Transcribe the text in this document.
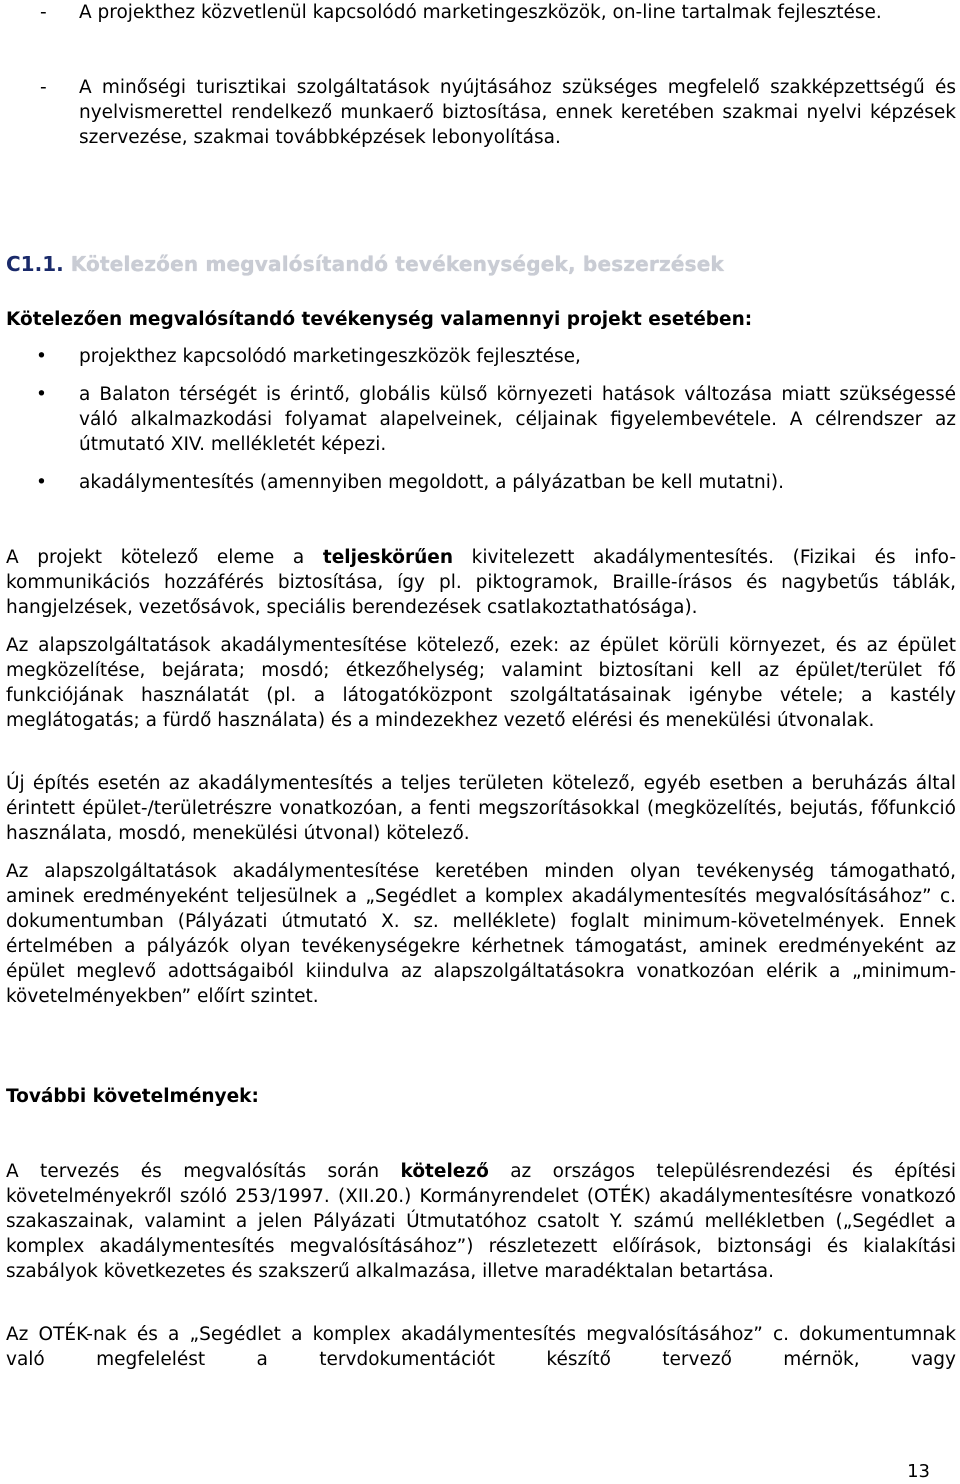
- A projekthez közvetlenül kapcsolódó marketingeszközök, on-line tartalmak fejlesztése.

- A minőségi turisztikai szolgáltatások nyújtásához szükséges megfelelő szakképzettségű és nyelvismerettel rendelkező munkaerő biztosítása, ennek keretében szakmai nyelvi képzések szervezése, szakmai továbbképzések lebonyolítása.

C1.1. Kötelezően megvalósítandó tevékenységek, beszerzések

Kötelezően megvalósítandó tevékenység valamennyi projekt esetében:

• projekthez kapcsolódó marketingeszközök fejlesztése,
• a Balaton térségét is érintő, globális külső környezeti hatások változása miatt szükségessé váló alkalmazkodási folyamat alapelveinek, céljainak figyelembevétele. A célrendszer az útmutató XIV. mellékletét képezi.
• akadálymentesítés (amennyiben megoldott, a pályázatban be kell mutatni).

A projekt kötelező eleme a teljeskörűen kivitelezett akadálymentesítés. (Fizikai és info-kommunikációs hozzáférés biztosítása, így pl. piktogramok, Braille-írásos és nagybetűs táblák, hangjelzések, vezetősávok, speciális berendezések csatlakoztathatósága).

Az alapszolgáltatások akadálymentesítése kötelező, ezek: az épület körüli környezet, és az épület megközelítése, bejárata; mosdó; étkezőhelység; valamint biztosítani kell az épület/terület fő funkciójának használatát (pl. a látogatóközpont szolgáltatásainak igénybe vétele; a kastély meglátogatás; a fürdő használata) és a mindezekhez vezető elérési és menekülési útvonalak.

Új építés esetén az akadálymentesítés a teljes területen kötelező, egyéb esetben a beruházás által érintett épület-/területrészre vonatkozóan, a fenti megszorításokkal (megközelítés, bejutás, főfunkció használata, mosdó, menekülési útvonal) kötelező.

Az alapszolgáltatások akadálymentesítése keretében minden olyan tevékenység támogatható, aminek eredményeként teljesülnek a „Segédlet a komplex akadálymentesítés megvalósításához” c. dokumentumban (Pályázati útmutató X. sz. melléklete) foglalt minimum-követelmények. Ennek értelmében a pályázók olyan tevékenységekre kérhetnek támogatást, aminek eredményeként az épület meglevő adottságaiból kiindulva az alapszolgáltatásokra vonatkozóan elérik a „minimum-követelményekben” előírt szintet.

További követelmények:

A tervezés és megvalósítás során kötelező az országos településrendezési és építési követelményekről szóló 253/1997. (XII.20.) Kormányrendelet (OTÉK) akadálymentesítésre vonatkozó szakaszainak, valamint a jelen Pályázati Útmutatóhoz csatolt Y. számú mellékletben („Segédlet a komplex akadálymentesítés megvalósításához”) részletezett előírások, biztonsági és kialakítási szabályok következetes és szakszerű alkalmazása, illetve maradéktalan betartása.

Az OTÉK-nak és a „Segédlet a komplex akadálymentesítés megvalósításához” c. dokumentumnak való megfelelést a tervdokumentációt készítő tervező mérnök, vagy

13
